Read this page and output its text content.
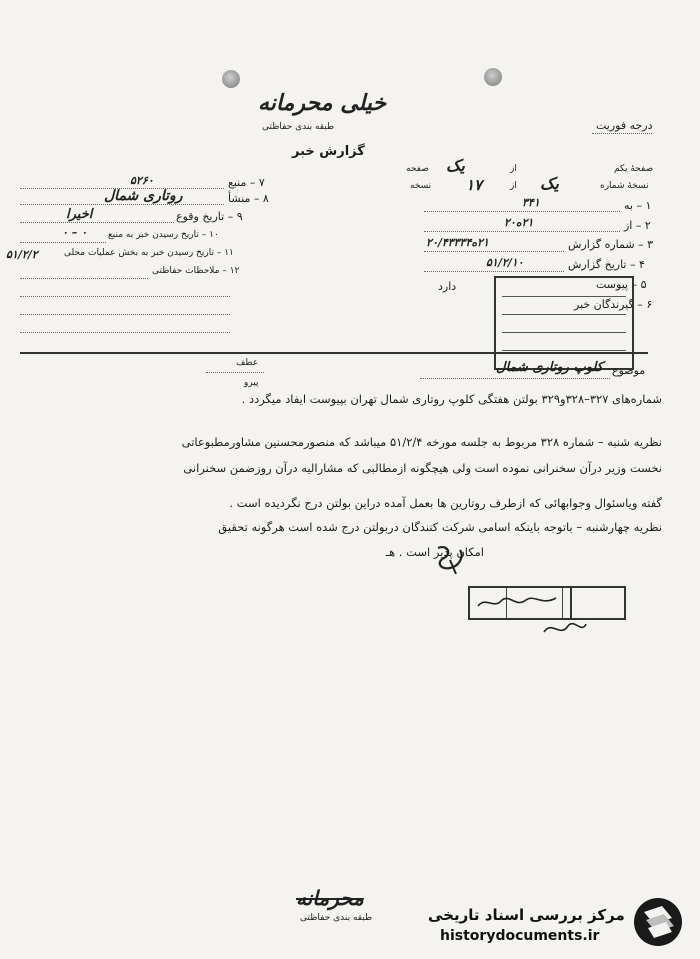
خیلی محرمانه
طبقه بندی حفاظتی
گزارش خبر
درجه فوریت
صفحهٔ یکم
از
یک
صفحه
نسخهٔ شماره
یک
از
۱۷
نسخه
۱ – به
۳۴۱
۲ – از
۲۱ه۲۰
۳ – شماره گزارش
۲۱ه۲۰/۴۳۳۳۴
۴ – تاریخ گزارش
۵۱/۲/۱۰
۵ – پیوست
دارد
۶ – گیرندگان خبر
۷ – منبع
۵۲۶۰
۸ – منشأ
روتاری شمال
۹ – تاریخ وقوع
اخیرا
۱۰ – تاریخ رسیدن خبر به منبع
۰ – ۰
۱۱ – تاریخ رسیدن خبر به بخش عملیات محلی
۵۱/۲/۲
۱۲ – ملاحظات حفاظتی
عطف
پیرو
موضوع
کلوپ روتاری شمال
شماره‌های ۳۲۷–۳۲۸و۳۲۹ بولتن هفتگی کلوپ روتاری شمال تهران بپیوست ایفاد میگردد .
نظریه شنبه – شماره ۳۲۸ مربوط به جلسه مورخه ۵۱/۲/۴ میباشد که منصورمحسنین مشاورمطبوعاتی
نخست وزیر درآن سخنرانی نموده است ولی هیچگونه ازمطالبی که مشارالیه درآن روزضمن سخنرانی
گفته ویاسئوال وجوابهائی که ازطرف روتارین ها بعمل آمده دراین بولتن درج نگردیده است .
نظریه چهارشنبه – باتوجه باینکه اسامی شرکت کنندگان دربولتن درج شده است هرگونه تحقیق
امکان پذیر است . هـ
محرمانه
طبقه بندی حفاظتی	مرکز بررسی اسناد تاریخی
historydocuments.ir
